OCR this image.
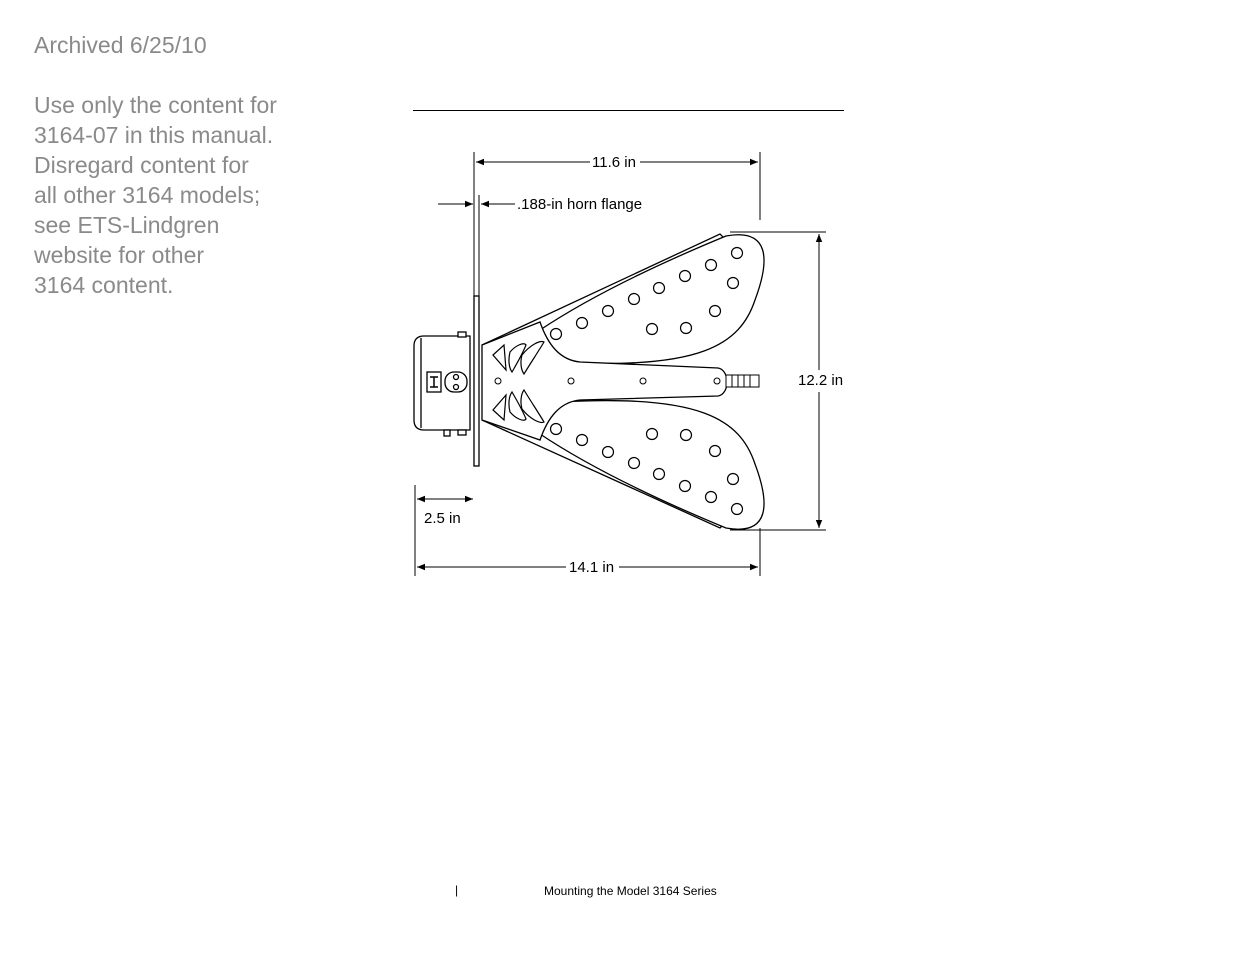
Archived 6/25/10
Use only the content for
3164-07 in this manual.
Disregard content for
all other 3164 models;
see ETS-Lindgren
website for other
3164 content.
11.6 in
.188-in horn flange
12.2 in
2.5 in
14.1 in
|	Mounting the Model 3164 Series
